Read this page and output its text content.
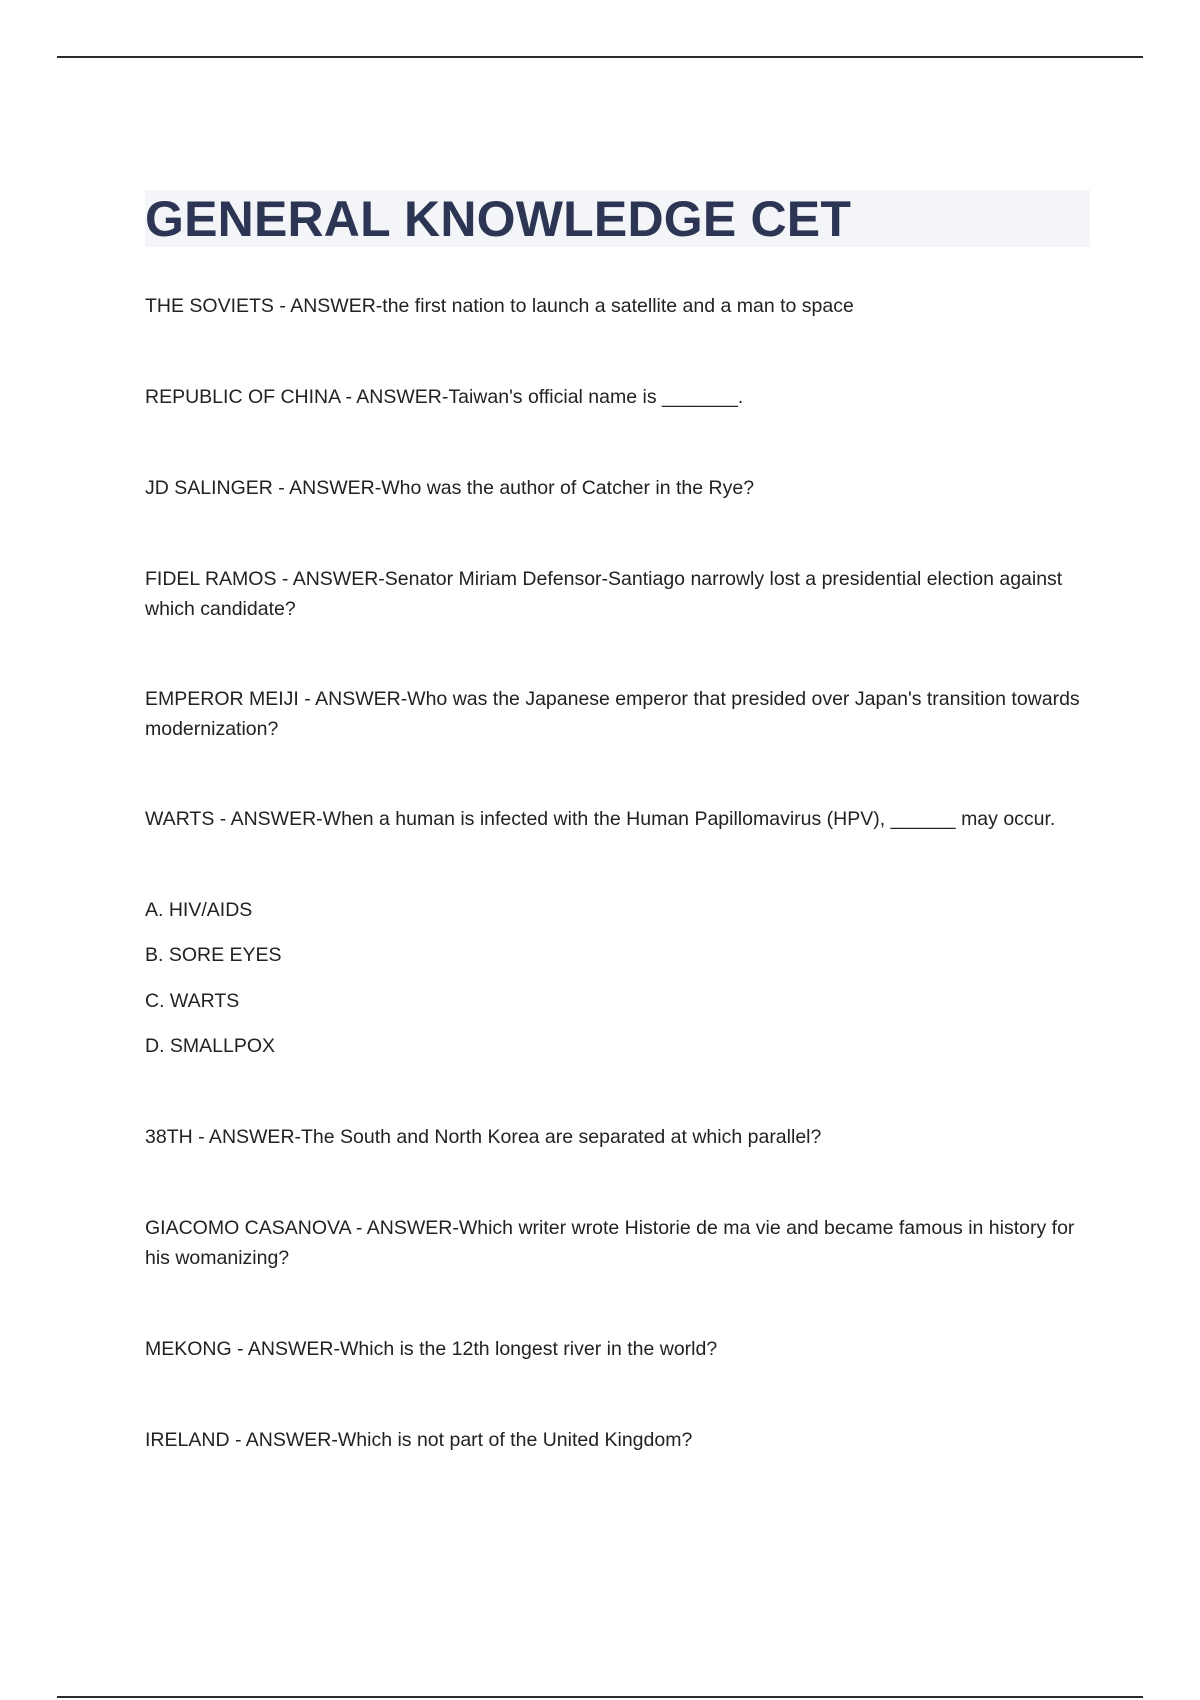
GENERAL KNOWLEDGE CET
THE SOVIETS - ANSWER-the first nation to launch a satellite and a man to space
REPUBLIC OF CHINA - ANSWER-Taiwan's official name is _______.
JD SALINGER - ANSWER-Who was the author of Catcher in the Rye?
FIDEL RAMOS - ANSWER-Senator Miriam Defensor-Santiago narrowly lost a presidential election against which candidate?
EMPEROR MEIJI - ANSWER-Who was the Japanese emperor that presided over Japan's transition towards modernization?
WARTS - ANSWER-When a human is infected with the Human Papillomavirus (HPV), ______ may occur.
A. HIV/AIDS
B. SORE EYES
C. WARTS
D. SMALLPOX
38TH - ANSWER-The South and North Korea are separated at which parallel?
GIACOMO CASANOVA - ANSWER-Which writer wrote Historie de ma vie and became famous in history for his womanizing?
MEKONG - ANSWER-Which is the 12th longest river in the world?
IRELAND - ANSWER-Which is not part of the United Kingdom?
